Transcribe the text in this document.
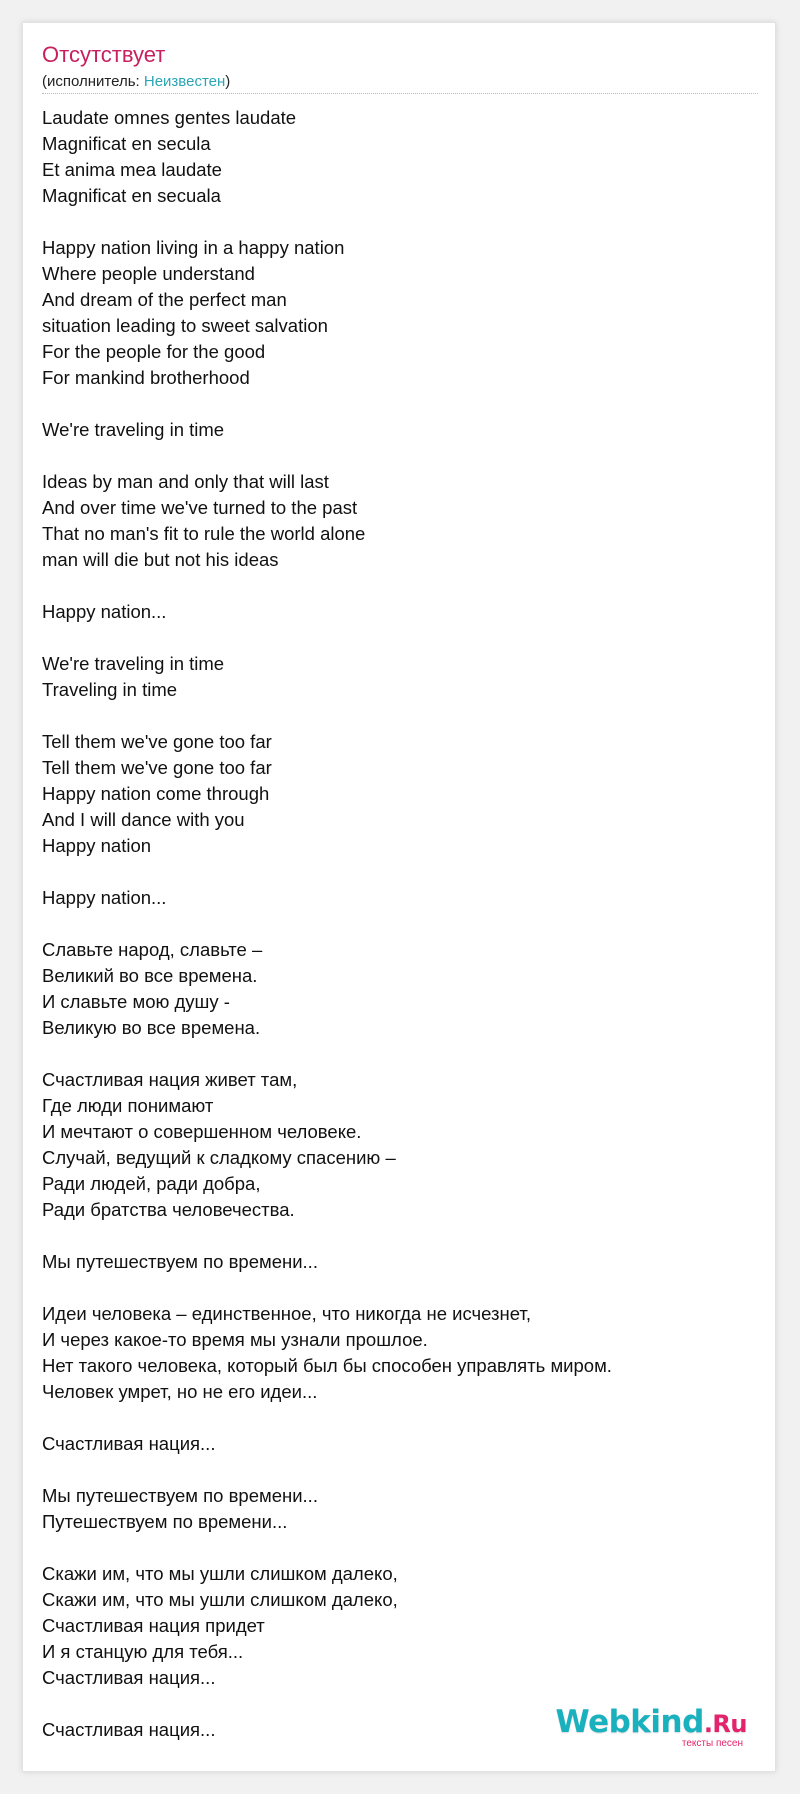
Отсутствует
(исполнитель: Неизвестен)
Laudate omnes gentes laudate
Magnificat en secula
Et anima mea laudate
Magnificat en secuala
Happy nation living in a happy nation
Where people understand
And dream of the perfect man
situation leading to sweet salvation
For the people for the good
For mankind brotherhood
We're traveling in time
Ideas by man and only that will last
And over time we've turned to the past
That no man's fit to rule the world alone
man will die but not his ideas
Happy nation...
We're traveling in time
Traveling in time
Tell them we've gone too far
Tell them we've gone too far
Happy nation come through
And I will dance with you
Happy nation
Happy nation...
Славьте народ, славьте –
Великий во все времена.
И славьте мою душу -
Великую во все времена.
Счастливая нация живет там,
Где люди понимают
И мечтают о совершенном человеке.
Случай, ведущий к сладкому спасению –
Ради людей, ради добра,
Ради братства человечества.
Мы путешествуем по времени...
Идеи человека – единственное, что никогда не исчезнет,
И через какое-то время мы узнали прошлое.
Нет такого человека, который был бы способен управлять миром.
Человек умрет, но не его идеи...
Счастливая нация...
Мы путешествуем по времени...
Путешествуем по времени...
Скажи им, что мы ушли слишком далеко,
Скажи им, что мы ушли слишком далеко,
Счастливая нация придет
И я станцую для тебя...
Счастливая нация...
Счастливая нация...	Webkind.Ru
тексты песен
